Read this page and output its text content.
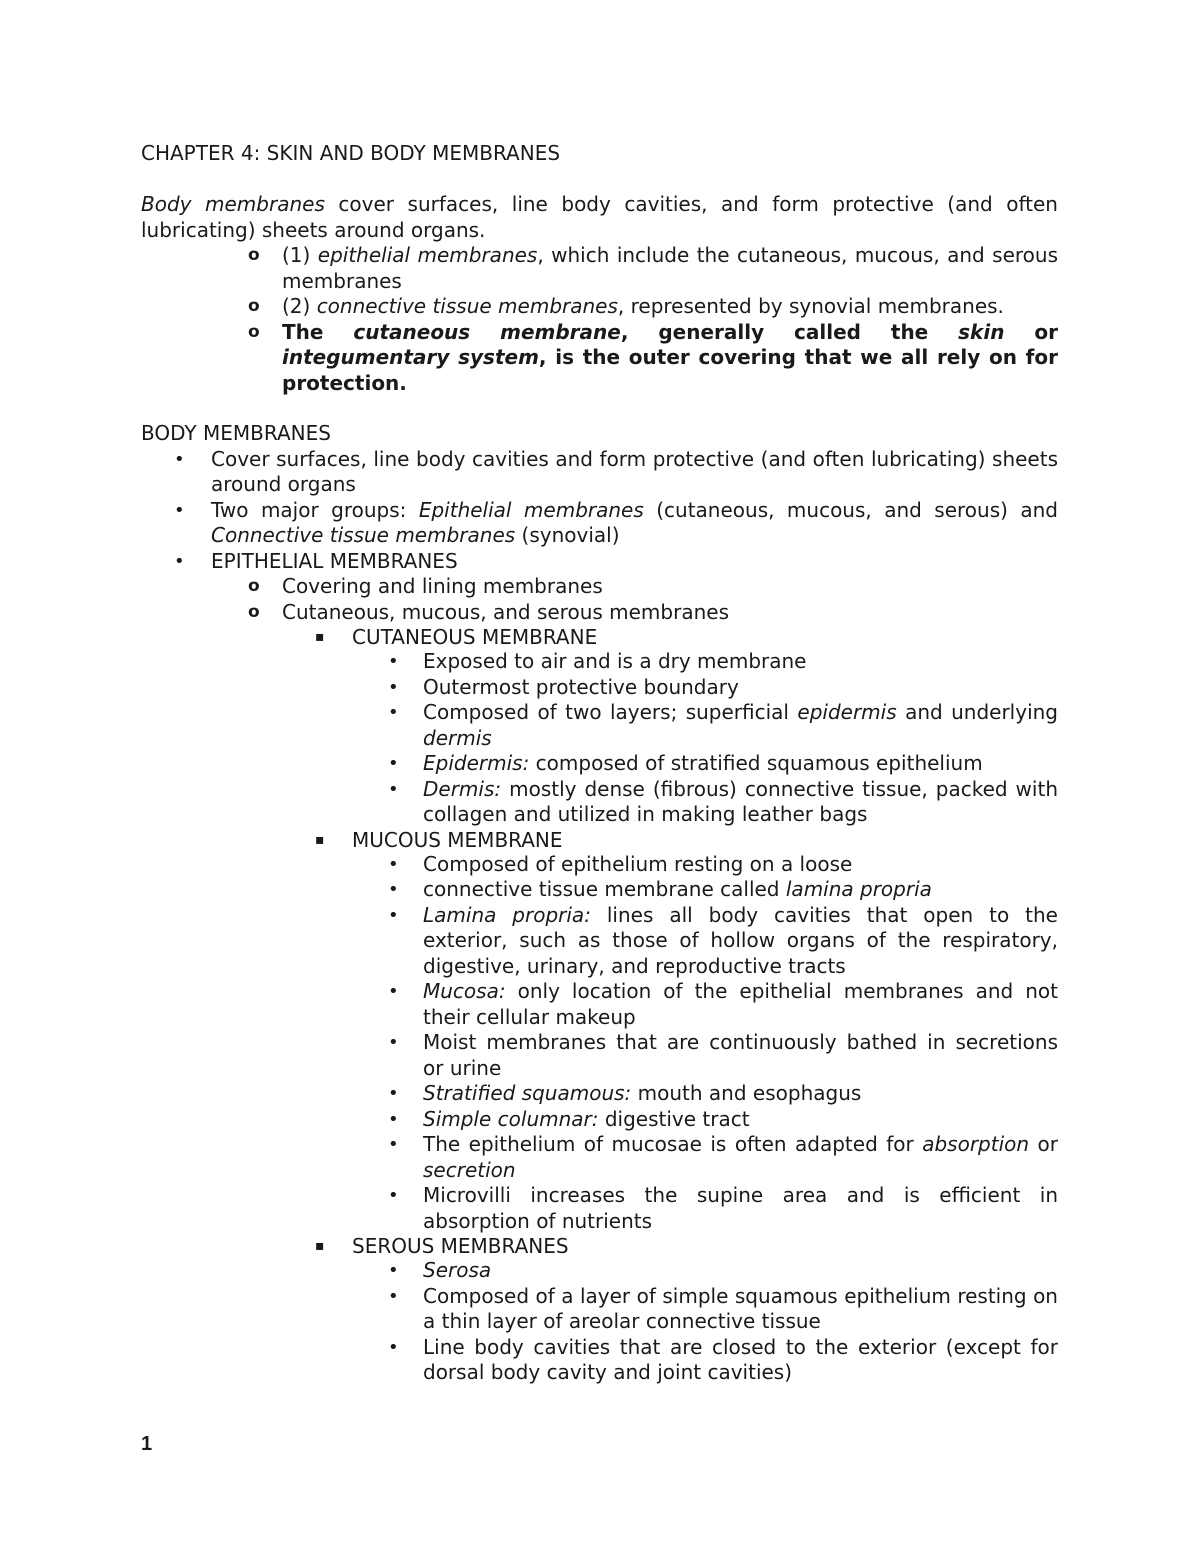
CHAPTER 4: SKIN AND BODY MEMBRANES

Body membranes cover surfaces, line body cavities, and form protective (and often lubricating) sheets around organs.

o (1) epithelial membranes, which include the cutaneous, mucous, and serous membranes
o (2) connective tissue membranes, represented by synovial membranes.
o The cutaneous membrane, generally called the skin or integumentary system, is the outer covering that we all rely on for protection.

BODY MEMBRANES

• Cover surfaces, line body cavities and form protective (and often lubricating) sheets around organs
• Two major groups: Epithelial membranes (cutaneous, mucous, and serous) and Connective tissue membranes (synovial)
• EPITHELIAL MEMBRANES
o Covering and lining membranes
o Cutaneous, mucous, and serous membranes
▪ CUTANEOUS MEMBRANE
• Exposed to air and is a dry membrane
• Outermost protective boundary
• Composed of two layers; superficial epidermis and underlying dermis
• Epidermis: composed of stratified squamous epithelium
• Dermis: mostly dense (fibrous) connective tissue, packed with collagen and utilized in making leather bags
▪ MUCOUS MEMBRANE
• Composed of epithelium resting on a loose
• connective tissue membrane called lamina propria
• Lamina propria: lines all body cavities that open to the exterior, such as those of hollow organs of the respiratory, digestive, urinary, and reproductive tracts
• Mucosa: only location of the epithelial membranes and not their cellular makeup
• Moist membranes that are continuously bathed in secretions or urine
• Stratified squamous: mouth and esophagus
• Simple columnar: digestive tract
• The epithelium of mucosae is often adapted for absorption or secretion
• Microvilli increases the supine area and is efficient in absorption of nutrients
▪ SEROUS MEMBRANES
• Serosa
• Composed of a layer of simple squamous epithelium resting on a thin layer of areolar connective tissue
• Line body cavities that are closed to the exterior (except for dorsal body cavity and joint cavities)
1
